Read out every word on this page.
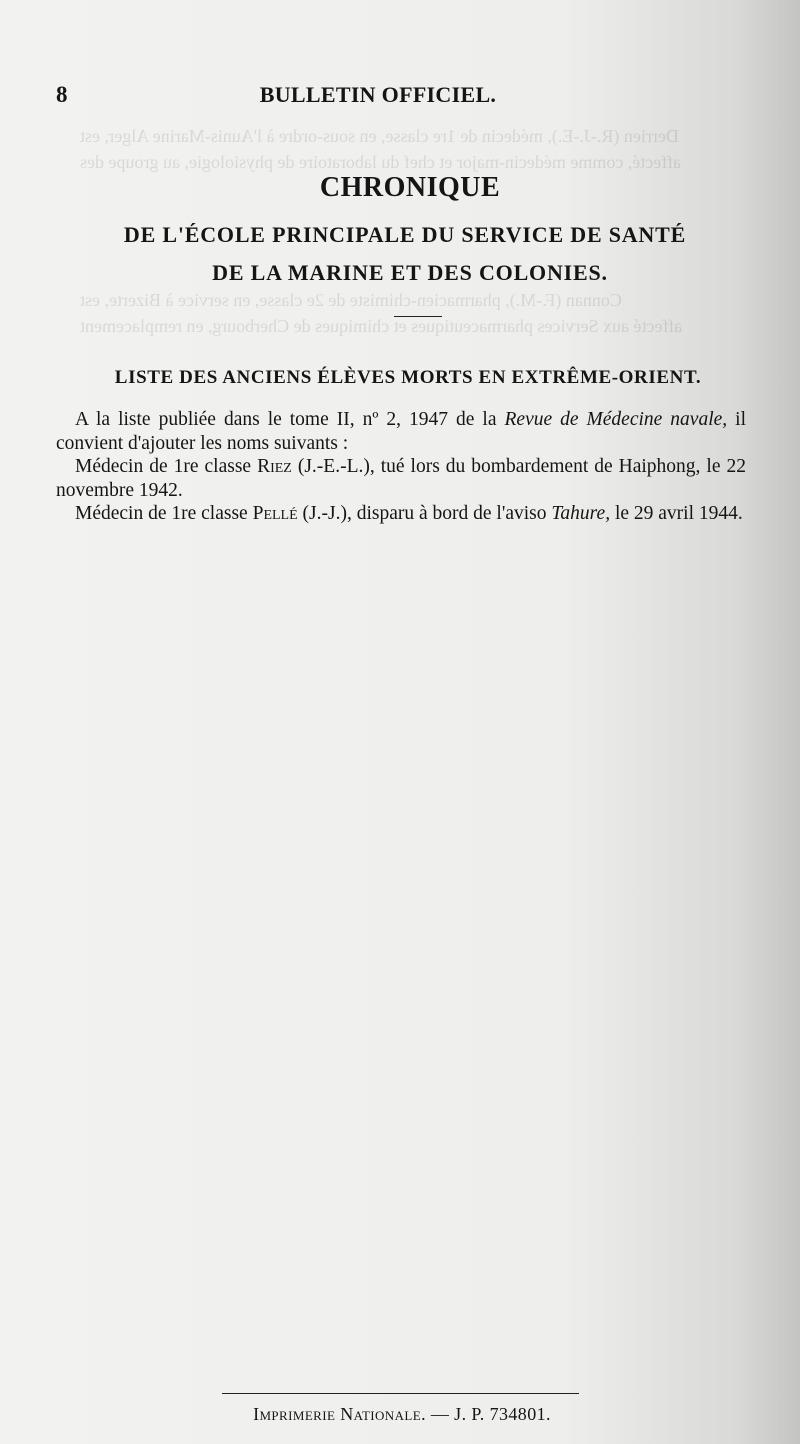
Derrien (R.-J.-E.), médecin de 1re classe, en sous-ordre à l'Aunis-Marine Alger, est
affecté, comme médecin-major et chef du laboratoire de physiologie, au groupe des
Connan (F.-M.), pharmacien-chimiste de 2e classe, en service à Bizerte, est
affecté aux Services pharmaceutiques et chimiques de Cherbourg, en remplacement
8	BULLETIN OFFICIEL.
CHRONIQUE
DE L'ÉCOLE PRINCIPALE DU SERVICE DE SANTÉ
DE LA MARINE ET DES COLONIES.
LISTE DES ANCIENS ÉLÈVES MORTS EN EXTRÊME-ORIENT.

A la liste publiée dans le tome II, nº 2, 1947 de la Revue de Médecine navale, il convient d'ajouter les noms suivants :

Médecin de 1re classe Riez (J.-E.-L.), tué lors du bombardement de Haiphong, le 22 novembre 1942.

Médecin de 1re classe Pellé (J.-J.), disparu à bord de l'aviso Tahure, le 29 avril 1944.

Imprimerie Nationale. — J. P. 734801.
